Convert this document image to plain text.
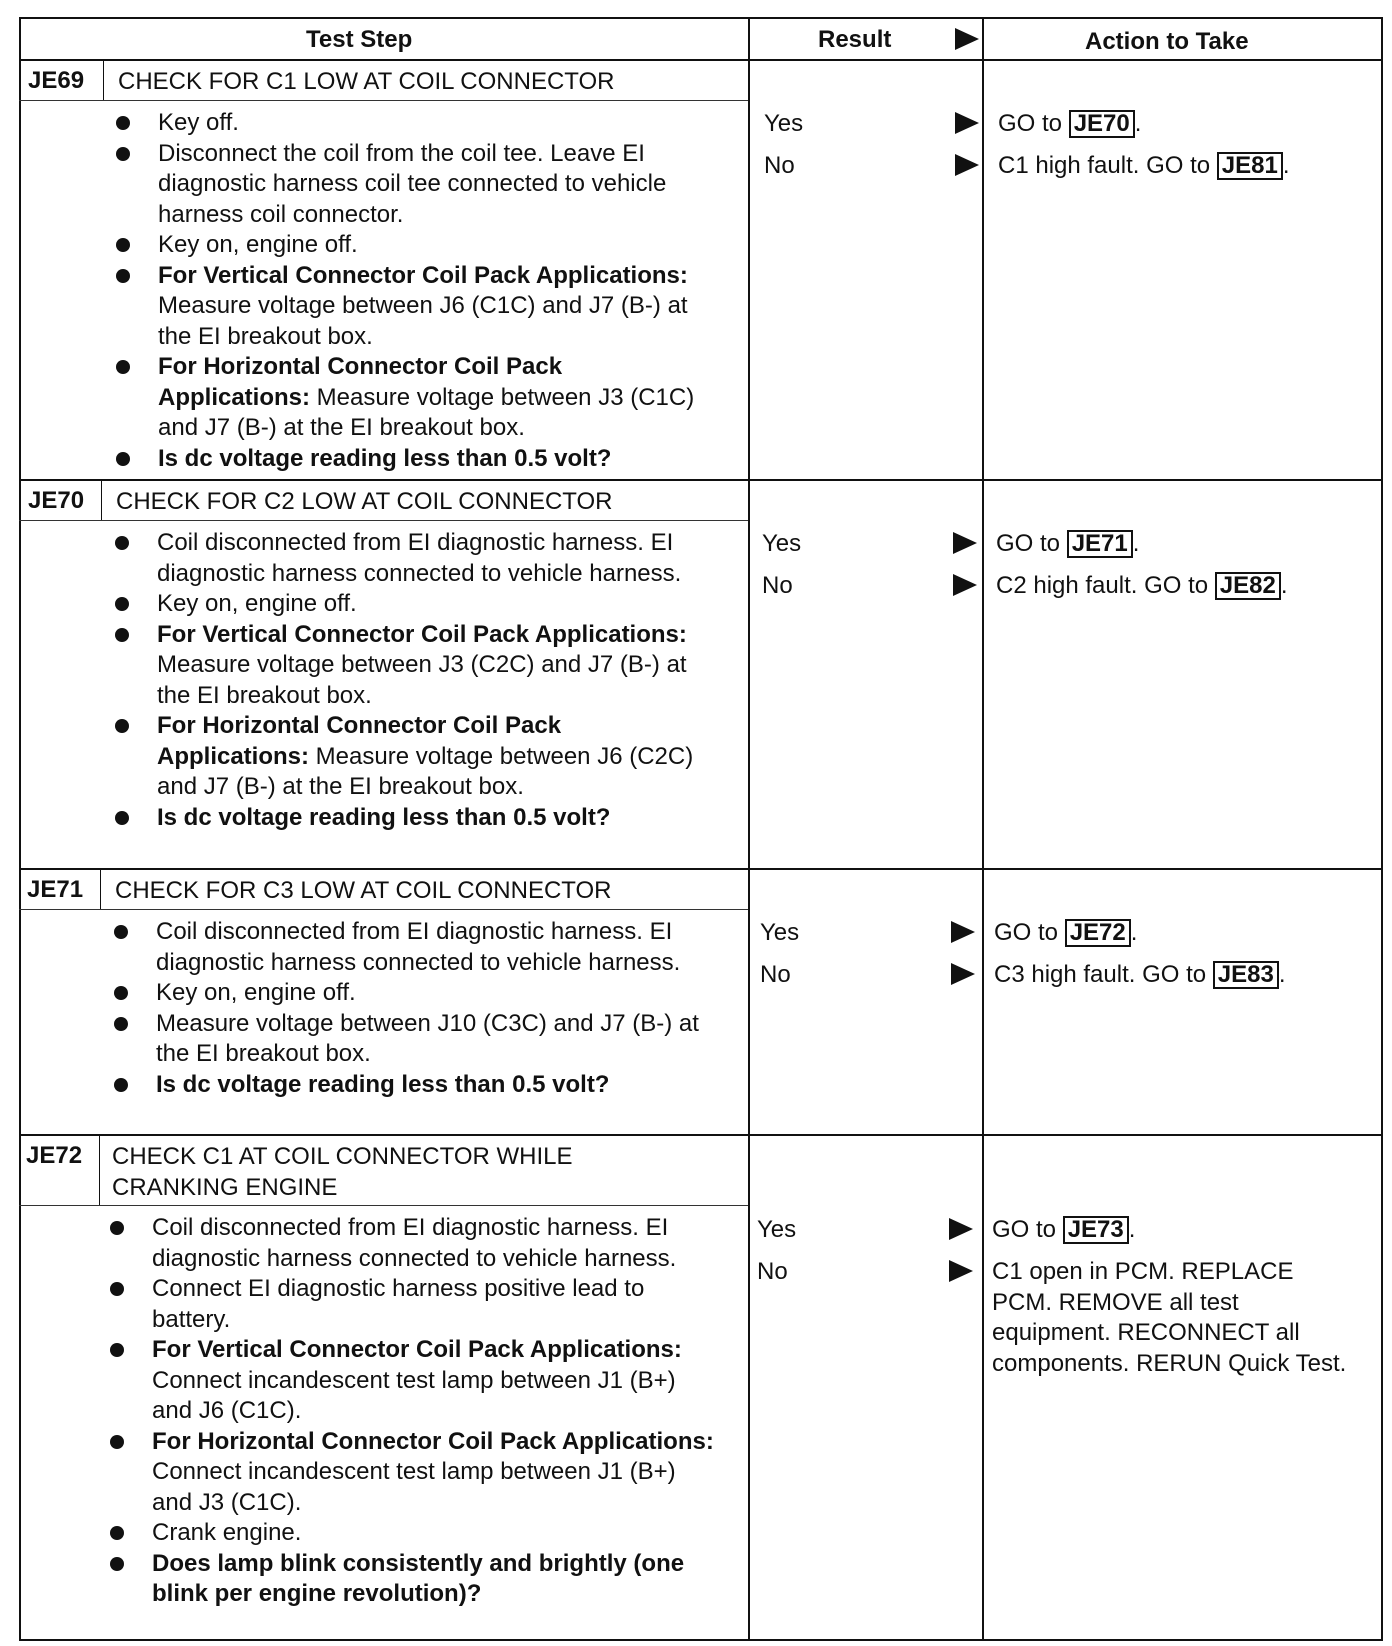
Test Step	Result	Action to Take
JE69 CHECK FOR C1 LOW AT COIL CONNECTOR
Key off.
Disconnect the coil from the coil tee. Leave EI diagnostic harness coil tee connected to vehicle harness coil connector.
Key on, engine off.
For Vertical Connector Coil Pack Applications: Measure voltage between J6 (C1C) and J7 (B-) at the EI breakout box.
For Horizontal Connector Coil Pack Applications: Measure voltage between J3 (C1C) and J7 (B-) at the EI breakout box.
Is dc voltage reading less than 0.5 volt?
Yes	GO to JE70 .
No	C1 high fault. GO to JE81 .
JE70 CHECK FOR C2 LOW AT COIL CONNECTOR
Coil disconnected from EI diagnostic harness. EI diagnostic harness connected to vehicle harness.
Key on, engine off.
For Vertical Connector Coil Pack Applications: Measure voltage between J3 (C2C) and J7 (B-) at the EI breakout box.
For Horizontal Connector Coil Pack Applications: Measure voltage between J6 (C2C) and J7 (B-) at the EI breakout box.
Is dc voltage reading less than 0.5 volt?
Yes	GO to JE71 .
No	C2 high fault. GO to JE82 .
JE71 CHECK FOR C3 LOW AT COIL CONNECTOR
Coil disconnected from EI diagnostic harness. EI diagnostic harness connected to vehicle harness.
Key on, engine off.
Measure voltage between J10 (C3C) and J7 (B-) at the EI breakout box.
Is dc voltage reading less than 0.5 volt?
Yes	GO to JE72 .
No	C3 high fault. GO to JE83 .
JE72 CHECK C1 AT COIL CONNECTOR WHILE CRANKING ENGINE
Coil disconnected from EI diagnostic harness. EI diagnostic harness connected to vehicle harness.
Connect EI diagnostic harness positive lead to battery.
For Vertical Connector Coil Pack Applications: Connect incandescent test lamp between J1 (B+) and J6 (C1C).
For Horizontal Connector Coil Pack Applications: Connect incandescent test lamp between J1 (B+) and J3 (C1C).
Crank engine.
Does lamp blink consistently and brightly (one blink per engine revolution)?
Yes	GO to JE73 .
No	C1 open in PCM. REPLACE PCM. REMOVE all test equipment. RECONNECT all components. RERUN Quick Test.
